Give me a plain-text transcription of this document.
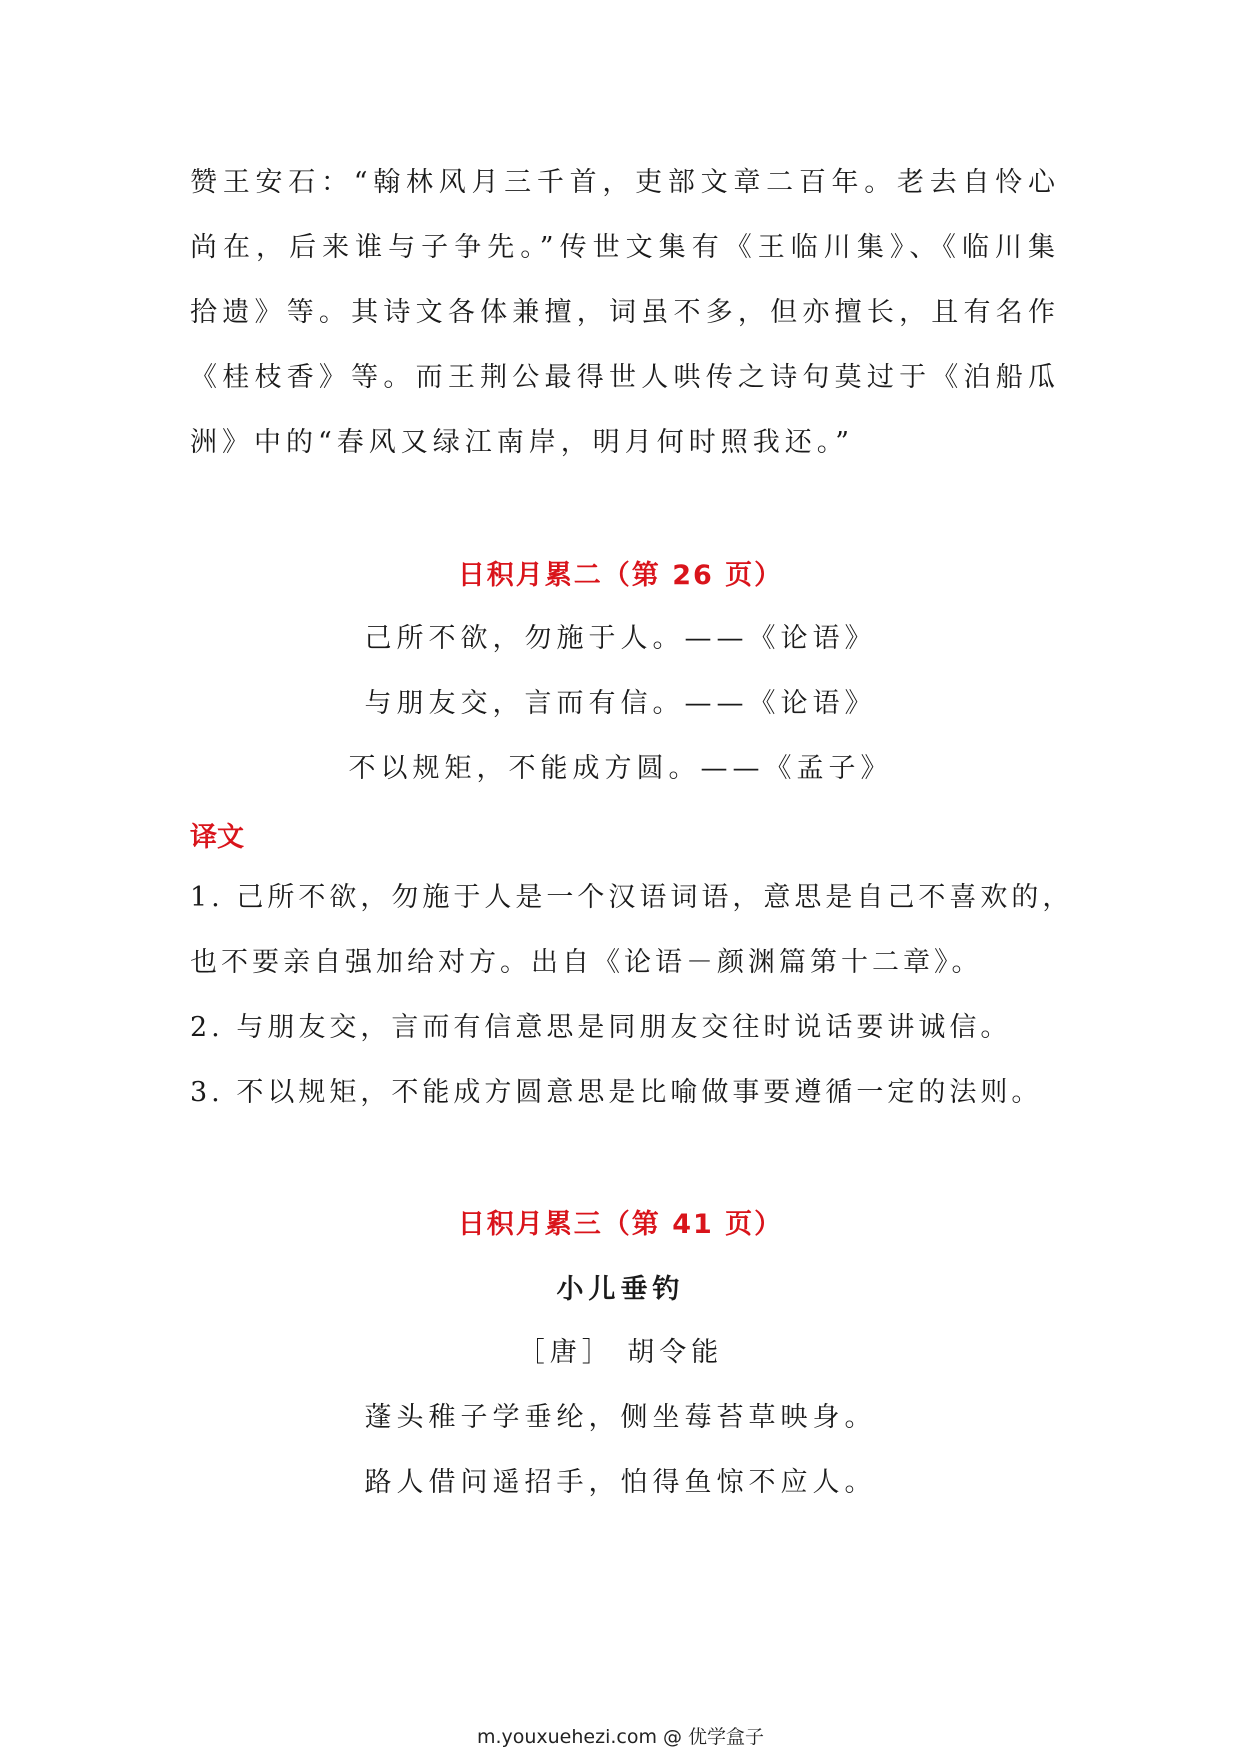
赞王安石：“翰林风月三千首，吏部文章二百年。老去自怜心尚在，后来谁与子争先。”传世文集有《王临川集》、《临川集拾遗》等。其诗文各体兼擅，词虽不多，但亦擅长，且有名作《桂枝香》等。而王荆公最得世人哄传之诗句莫过于《泊船瓜洲》中的“春风又绿江南岸，明月何时照我还。”

日积月累二（第 26 页）
己所不欲，勿施于人。——《论语》
与朋友交，言而有信。——《论语》
不以规矩，不能成方圆。——《孟子》
译文
1. 己所不欲，勿施于人是一个汉语词语，意思是自己不喜欢的，
也不要亲自强加给对方。出自《论语－颜渊篇第十二章》。
2. 与朋友交，言而有信意思是同朋友交往时说话要讲诚信。
3. 不以规矩，不能成方圆意思是比喻做事要遵循一定的法则。
日积月累三（第 41 页）
小儿垂钓
［唐］ 胡令能
蓬头稚子学垂纶，侧坐莓苔草映身。
路人借问遥招手，怕得鱼惊不应人。
m.youxuehezi.com @ 优学盒子
